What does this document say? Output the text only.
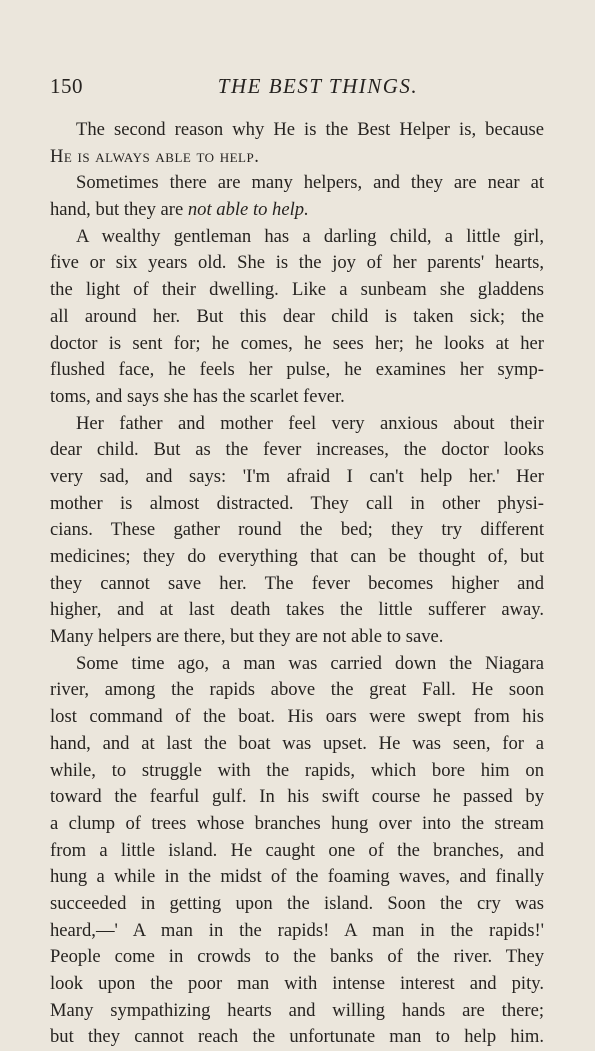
150	THE BEST THINGS.
The second reason why He is the Best Helper is, because
He is always able to help.
Sometimes there are many helpers, and they are near at
hand, but they are not able to help.
A wealthy gentleman has a darling child, a little girl,
five or six years old. She is the joy of her parents' hearts,
the light of their dwelling. Like a sunbeam she gladdens
all around her. But this dear child is taken sick; the
doctor is sent for; he comes, he sees her; he looks at her
flushed face, he feels her pulse, he examines her symp-
toms, and says she has the scarlet fever.
Her father and mother feel very anxious about their
dear child. But as the fever increases, the doctor looks
very sad, and says: 'I'm afraid I can't help her.' Her
mother is almost distracted. They call in other physi-
cians. These gather round the bed; they try different
medicines; they do everything that can be thought of, but
they cannot save her. The fever becomes higher and
higher, and at last death takes the little sufferer away.
Many helpers are there, but they are not able to save.
Some time ago, a man was carried down the Niagara
river, among the rapids above the great Fall. He soon
lost command of the boat. His oars were swept from his
hand, and at last the boat was upset. He was seen, for a
while, to struggle with the rapids, which bore him on
toward the fearful gulf. In his swift course he passed by
a clump of trees whose branches hung over into the stream
from a little island. He caught one of the branches, and
hung a while in the midst of the foaming waves, and finally
succeeded in getting upon the island. Soon the cry was
heard,—' A man in the rapids! A man in the rapids!'
People come in crowds to the banks of the river. They
look upon the poor man with intense interest and pity.
Many sympathizing hearts and willing hands are there;
but they cannot reach the unfortunate man to help him.
